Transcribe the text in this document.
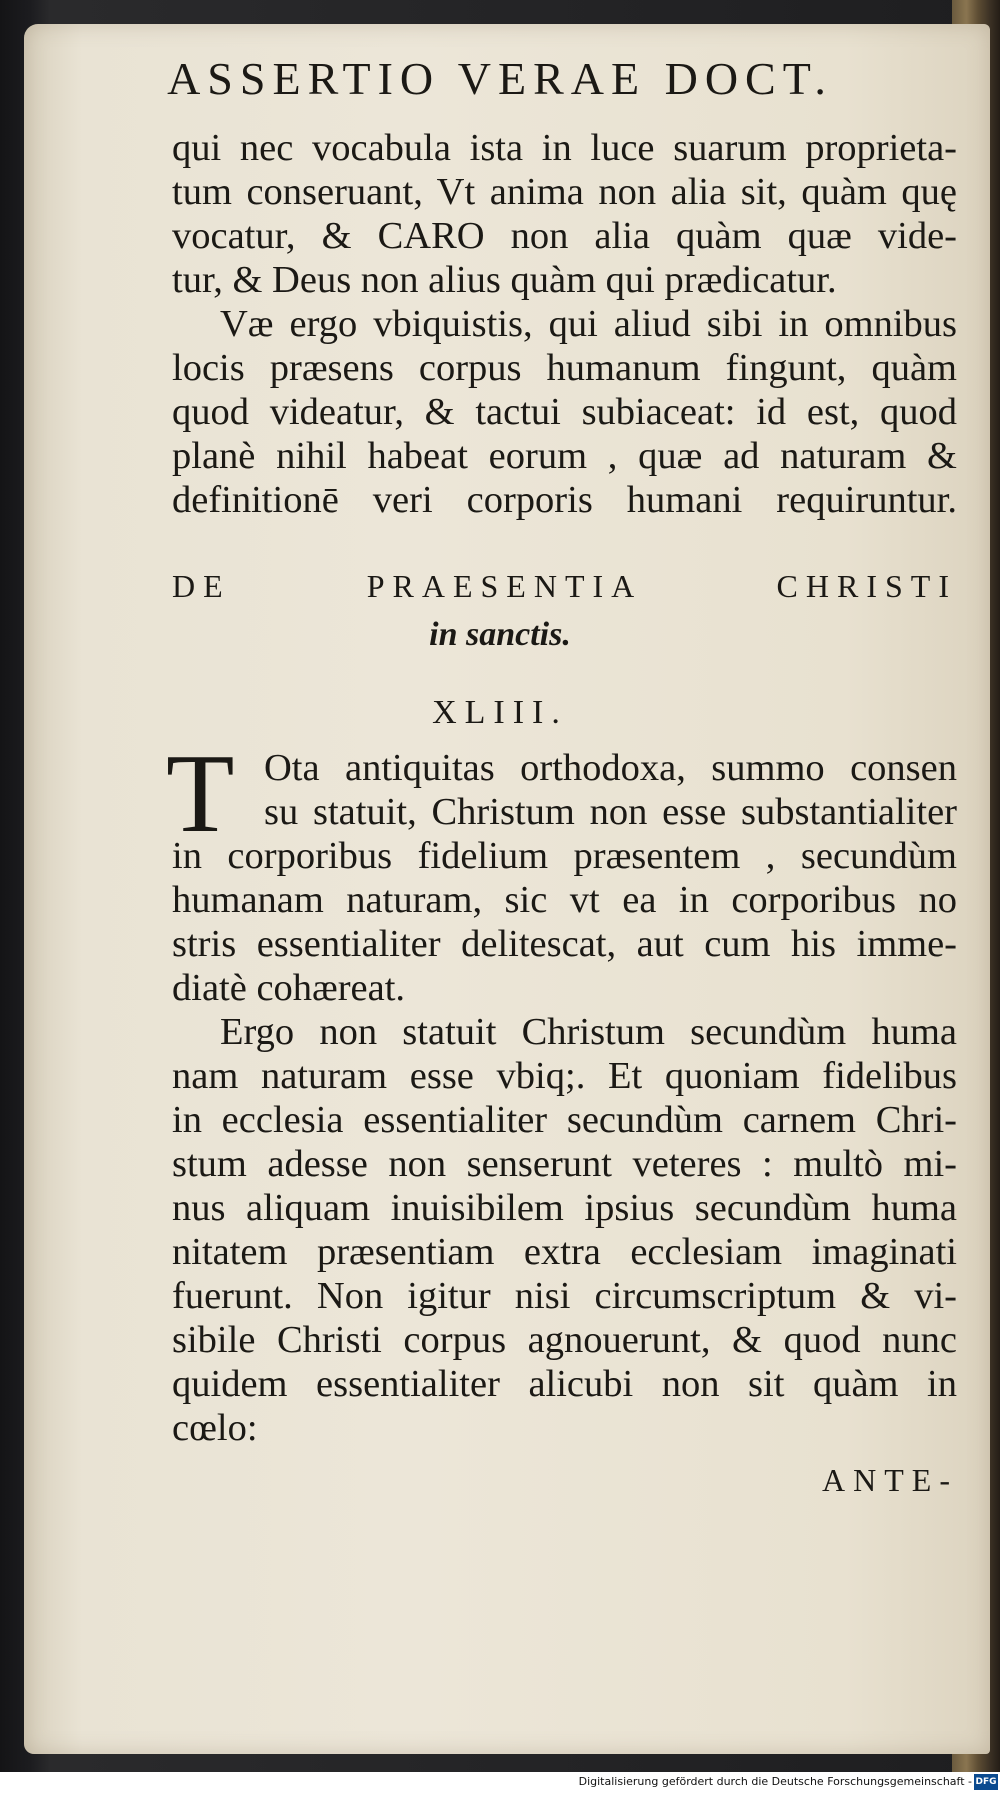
ASSERTIO VERAE DOCT.
qui nec vocabula ista in luce suarum proprieta-
tum conseruant, Vt anima non alia sit, quàm quę
vocatur, & CARO non alia quàm quæ vide-
tur, & Deus non alius quàm qui prædicatur.
Væ ergo vbiquistis, qui aliud sibi in omnibus
locis præsens corpus humanum fingunt, quàm
quod videatur, & tactui subiaceat: id est, quod
planè nihil habeat eorum , quæ ad naturam &
definitionē veri corporis humani requiruntur.
DE PRAESENTIA CHRISTI
in sanctis.
XLIII.
T Ota antiquitas orthodoxa, summo consen
su statuit, Christum non esse substantialiter
in corporibus fidelium præsentem , secundùm
humanam naturam, sic vt ea in corporibus no
stris essentialiter delitescat, aut cum his imme-
diatè cohæreat.
Ergo non statuit Christum secundùm huma
nam naturam esse vbiq;. Et quoniam fidelibus
in ecclesia essentialiter secundùm carnem Chri-
stum adesse non senserunt veteres : multò mi-
nus aliquam inuisibilem ipsius secundùm huma
nitatem præsentiam extra ecclesiam imaginati
fuerunt. Non igitur nisi circumscriptum & vi-
sibile Christi corpus agnouerunt, & quod nunc
quidem essentialiter alicubi non sit quàm in
cœlo:
ANTE-
Digitalisierung gefördert durch die Deutsche Forschungsgemeinschaft - DFG
